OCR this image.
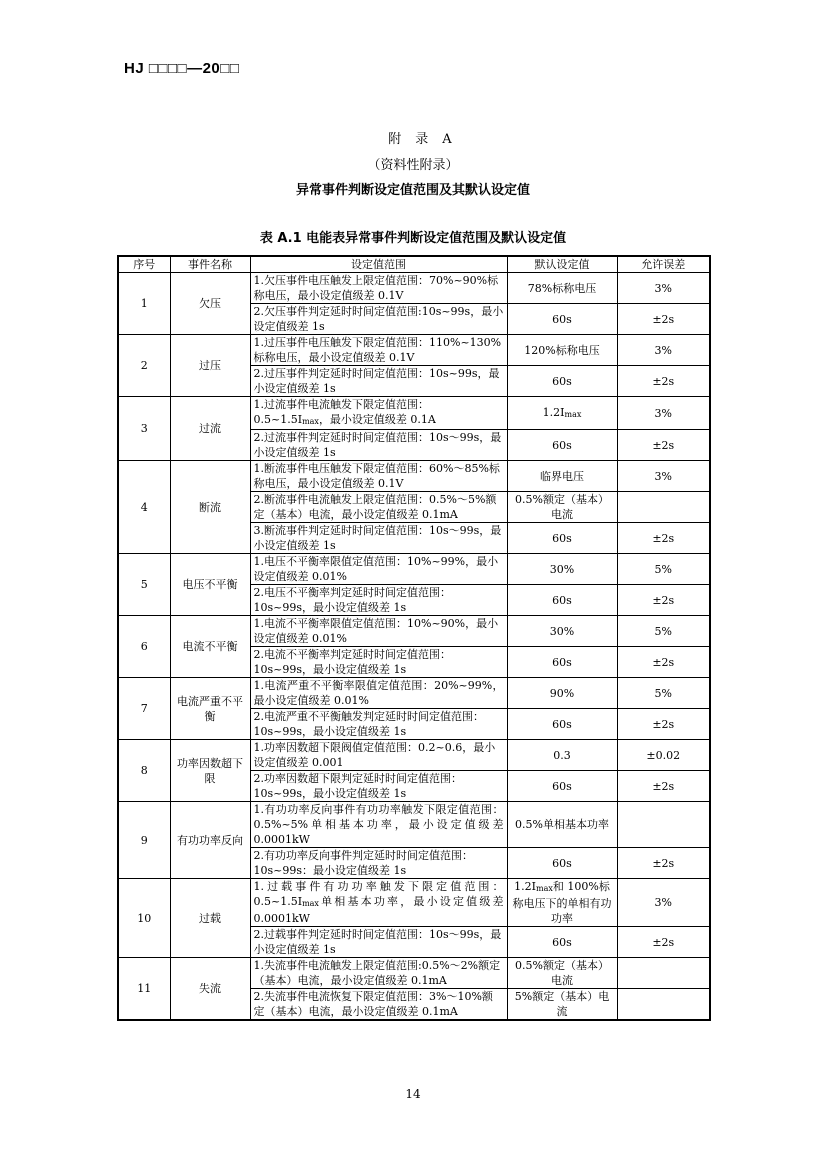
HJ □□□□—20□□
附录A
（资料性附录）
异常事件判断设定值范围及其默认设定值
表 A.1 电能表异常事件判断设定值范围及默认设定值
序号	事件名称	设定值范围	默认设定值	允许误差
1	欠压	1.欠压事件电压触发上限定值范围：70%~90%标称电压，最小设定值级差 0.1V	78%标称电压	3%
		2.欠压事件判定延时时间定值范围:10s~99s，最小设定值级差 1s	60s	±2s
2	过压	1.过压事件电压触发下限定值范围：110%~130%标称电压，最小设定值级差 0.1V	120%标称电压	3%
		2.过压事件判定延时时间定值范围：10s~99s，最小设定值级差 1s	60s	±2s
3	过流	1.过流事件电流触发下限定值范围：$0.5\sim 1.5I_{max}$，最小设定值级差 0.1A	$1.2I_{max}$	3%
		2.过流事件判定延时时间定值范围：10s～99s，最小设定值级差 1s	60s	±2s
4	断流	1.断流事件电压触发下限定值范围：60%～85%标称电压，最小设定值级差 0.1V	临界电压	3%
		2.断流事件电流触发上限定值范围：0.5%～5%额定（基本）电流，最小设定值级差 0.1mA	0.5%额定（基本）电流	
		3.断流事件判定延时时间定值范围：10s～99s，最小设定值级差 1s	60s	±2s
5	电压不平衡	1.电压不平衡率限值定值范围：10%~99%，最小设定值级差 0.01%	30%	5%
		2.电压不平衡率判定延时时间定值范围：10s~99s，最小设定值级差 1s	60s	±2s
6	电流不平衡	1.电流不平衡率限值定值范围：10%~90%，最小设定值级差 0.01%	30%	5%
		2.电流不平衡率判定延时时间定值范围：10s~99s，最小设定值级差 1s	60s	±2s
7	电流严重不平衡	1.电流严重不平衡率限值定值范围：20%~99%，最小设定值级差 0.01%	90%	5%
		2.电流严重不平衡触发判定延时时间定值范围：10s~99s，最小设定值级差 1s	60s	±2s
8	功率因数超下限	1.功率因数超下限阀值定值范围：0.2~0.6，最小设定值级差 0.001	0.3	±0.02
		2.功率因数超下限判定延时时间定值范围：10s~99s，最小设定值级差 1s	60s	±2s
9	有功功率反向	1.有功功率反向事件有功功率触发下限定值范围：0.5%~5%单相基本功率，最小设定值级差 0.0001kW	0.5%单相基本功率	
		2.有功功率反向事件判定延时时间定值范围：10s~99s：最小设定值级差 1s	60s	±2s
10	过载	1.过载事件有功功率触发下限定值范围：$0.5\sim 1.5I_{max}$单相基本功率，最小设定值级差 0.0001kW	$1.2I_{max}$和 100%标称电压下的单相有功功率	3%
		2.过载事件判定延时时间定值范围：10s～99s，最小设定值级差 1s	60s	±2s
11	失流	1.失流事件电流触发上限定值范围:0.5%～2%额定（基本）电流，最小设定值级差 0.1mA	0.5%额定（基本）电流	
		2.失流事件电流恢复下限定值范围：3%～10%额定（基本）电流，最小设定值级差 0.1mA	5%额定（基本）电流	
14
